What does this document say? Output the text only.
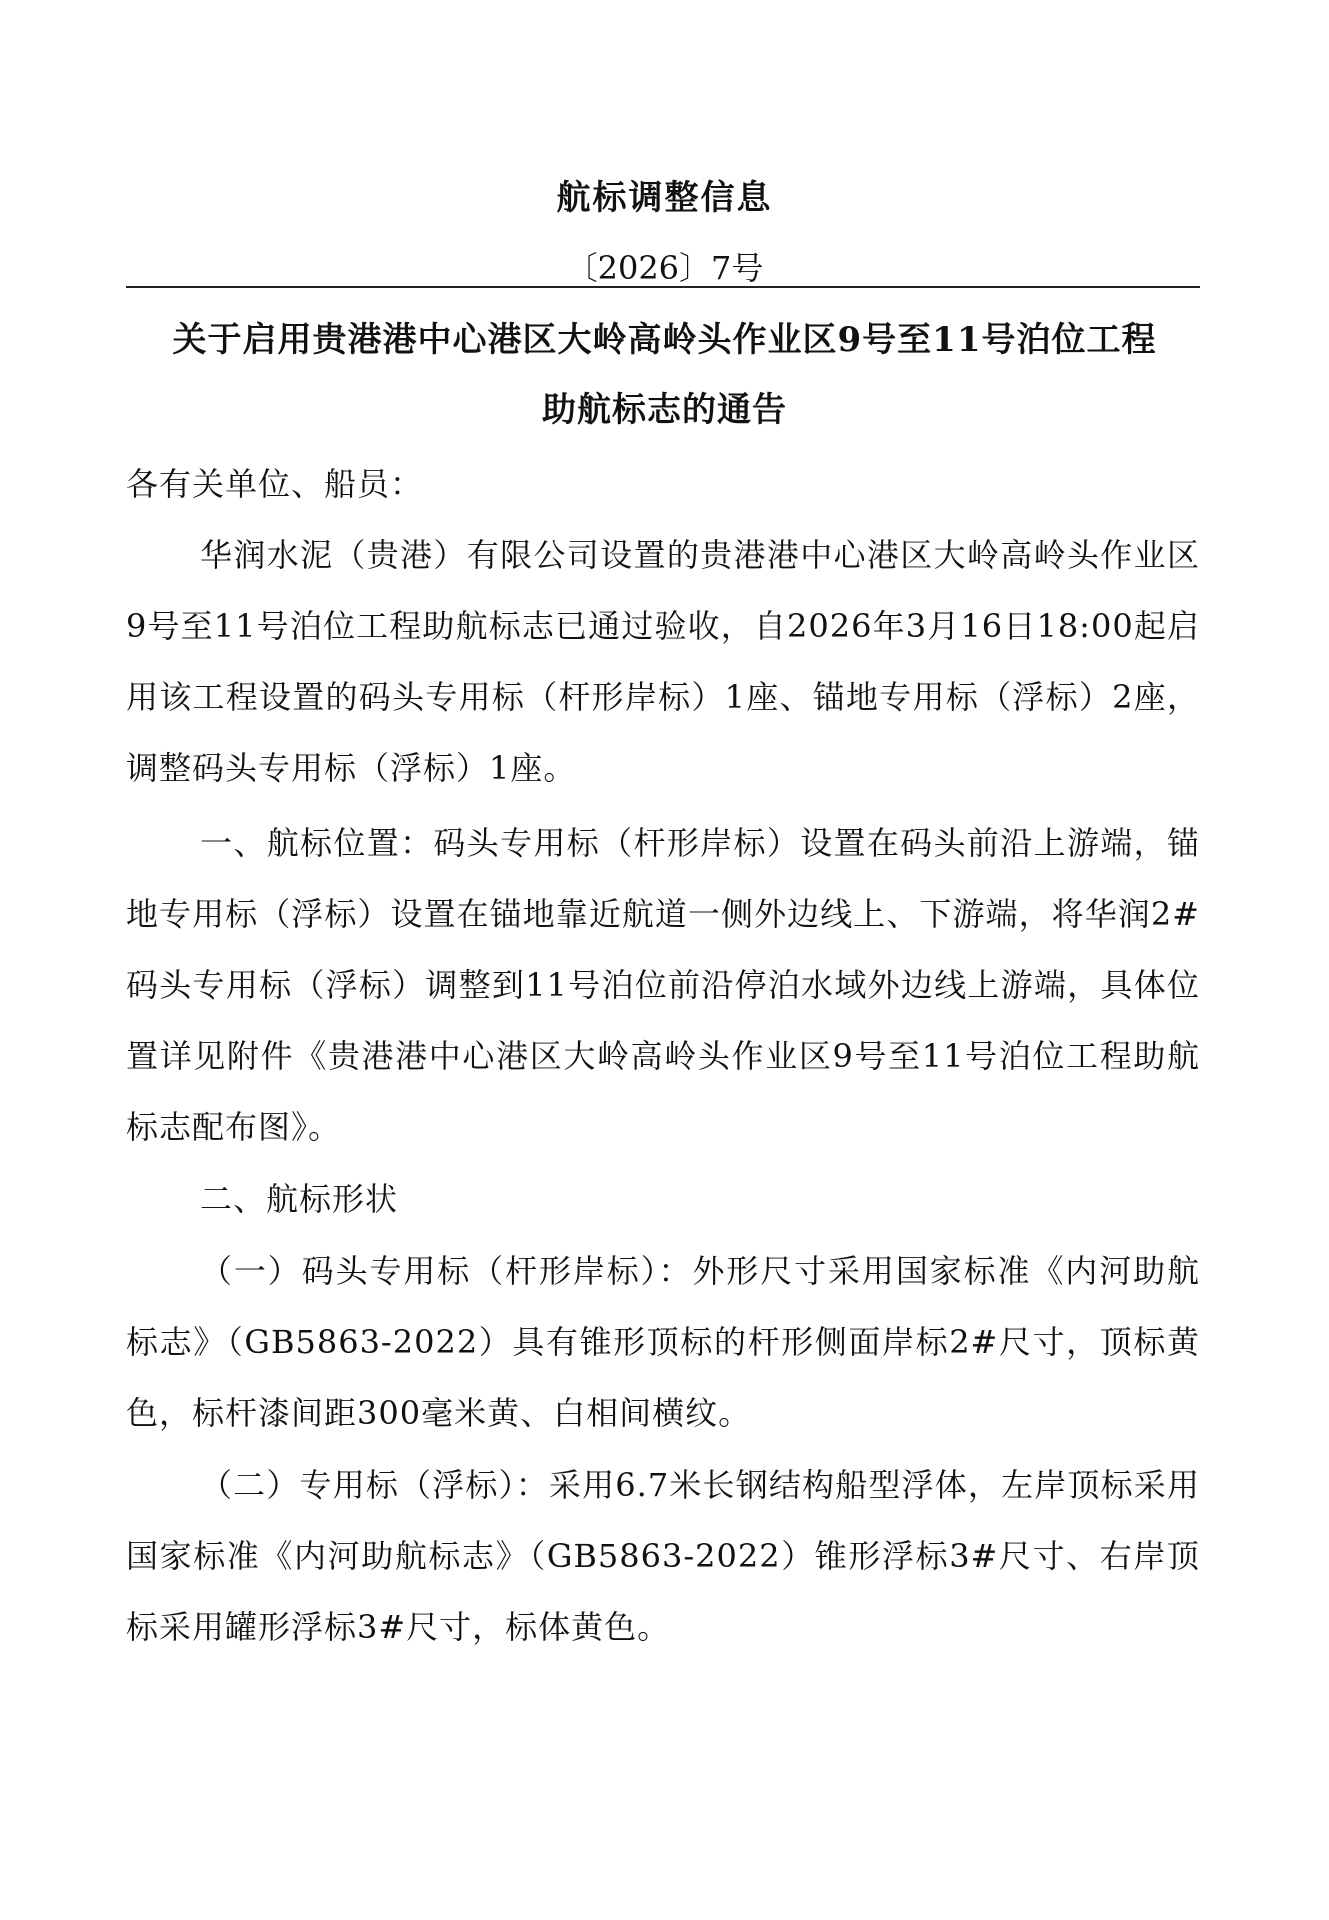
航标调整信息
〔2026〕7号
关于启用贵港港中心港区大岭高岭头作业区9号至11号泊位工程
助航标志的通告
各有关单位、船员：

华润水泥（贵港）有限公司设置的贵港港中心港区大岭高岭头作业区9号至11号泊位工程助航标志已通过验收，自2026年3月16日18:00起启用该工程设置的码头专用标（杆形岸标）1座、锚地专用标（浮标）2座，调整码头专用标（浮标）1座。

一、航标位置：码头专用标（杆形岸标）设置在码头前沿上游端，锚地专用标（浮标）设置在锚地靠近航道一侧外边线上、下游端，将华润2#码头专用标（浮标）调整到11号泊位前沿停泊水域外边线上游端，具体位置详见附件《贵港港中心港区大岭高岭头作业区9号至11号泊位工程助航标志配布图》。

二、航标形状

（一）码头专用标（杆形岸标）：外形尺寸采用国家标准《内河助航标志》（GB5863-2022）具有锥形顶标的杆形侧面岸标2#尺寸，顶标黄色，标杆漆间距300毫米黄、白相间横纹。

（二）专用标（浮标）：采用6.7米长钢结构船型浮体，左岸顶标采用国家标准《内河助航标志》（GB5863-2022）锥形浮标3#尺寸、右岸顶标采用罐形浮标3#尺寸，标体黄色。
